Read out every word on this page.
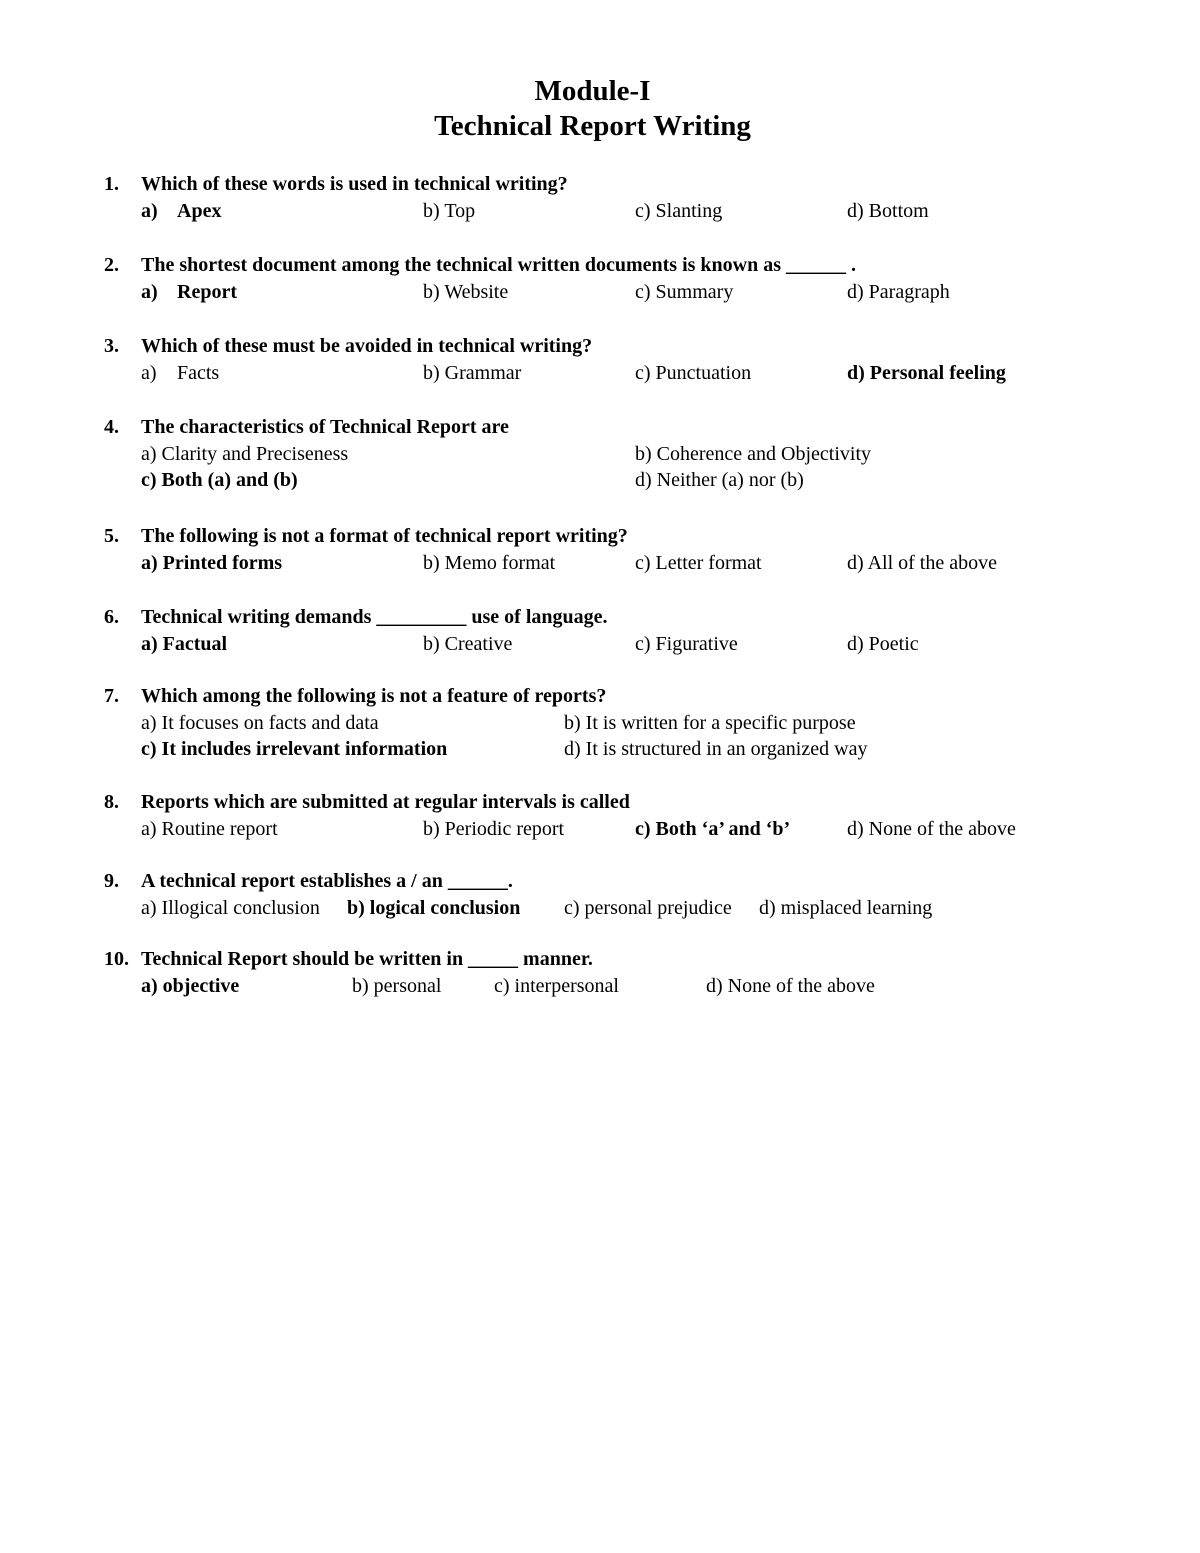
Module-I
Technical Report Writing
1. Which of these words is used in technical writing?
a) Apex	b) Top	c) Slanting	d) Bottom
2. The shortest document among the technical written documents is known as ______ .
a) Report	b) Website	c) Summary	d) Paragraph
3. Which of these must be avoided in technical writing?
a) Facts	b) Grammar	c) Punctuation	d) Personal feeling
4. The characteristics of Technical Report are
a) Clarity and Preciseness	b) Coherence and Objectivity
c) Both (a) and (b)	d) Neither (a) nor (b)
5. The following is not a format of technical report writing?
a) Printed forms	b) Memo format	c) Letter format	d) All of the above
6. Technical writing demands _________ use of language.
a) Factual	b) Creative	c) Figurative	d) Poetic
7. Which among the following is not a feature of reports?
a) It focuses on facts and data	b) It is written for a specific purpose
c) It includes irrelevant information	d) It is structured in an organized way
8. Reports which are submitted at regular intervals is called
a) Routine report	b) Periodic report	c) Both ‘a’ and ‘b’	d) None of the above
9. A technical report establishes a / an ______.
a) Illogical conclusion b) logical conclusion c) personal prejudice d) misplaced learning
10. Technical Report should be written in _____ manner.
a) objective	b) personal	c) interpersonal	d) None of the above
